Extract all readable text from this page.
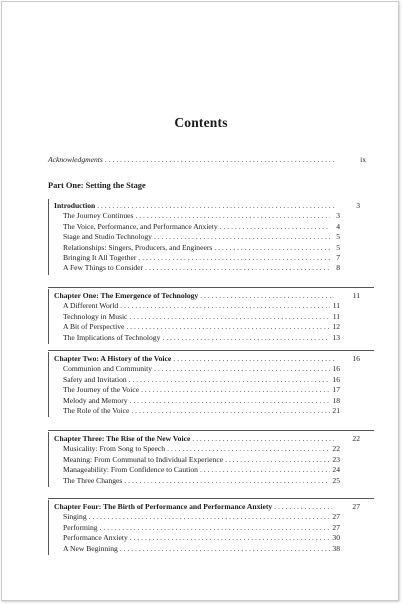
Contents
Acknowledgments . . .	ix
Part One: Setting the Stage
Introduction . . .	3
The Journey Continues . . .	3
The Voice, Performance, and Performance Anxiety . . .	4
Stage and Studio Technology . . .	5
Relationships: Singers, Producers, and Engineers . . .	5
Bringing It All Together . . .	7
A Few Things to Consider . . .	8
Chapter One: The Emergence of Technology . . .	11
A Different World . . .	11
Technology in Music . . .	11
A Bit of Perspective . . .	12
The Implications of Technology . . .	13
Chapter Two: A History of the Voice . . .	16
Communion and Community . . .	16
Safety and Invitation . . .	16
The Journey of the Voice . . .	17
Melody and Memory . . .	18
The Role of the Voice . . .	21
Chapter Three: The Rise of the New Voice . . .	22
Musicality: From Song to Speech . . .	22
Meaning: From Communal to Individual Experience . . .	23
Manageability: From Confidence to Caution . . .	24
The Three Changes . . .	25
Chapter Four: The Birth of Performance and Performance Anxiety . . .	27
Singing . . .	27
Performing . . .	27
Performance Anxiety . . .	30
A New Beginning . . .	38
